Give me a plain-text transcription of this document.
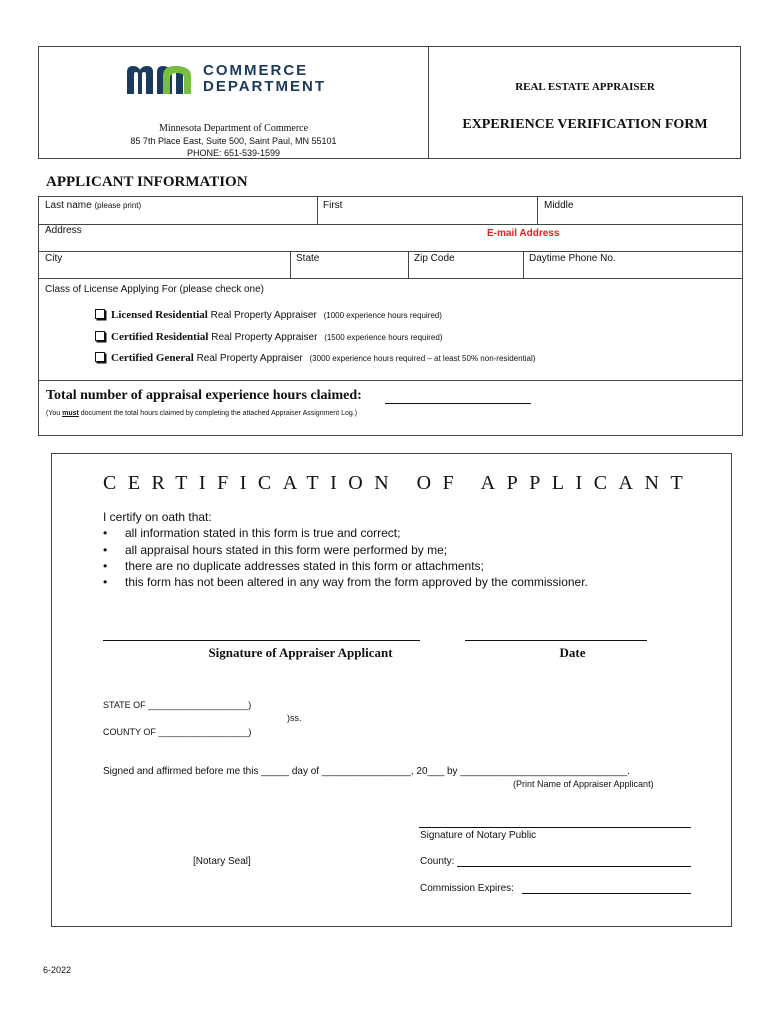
COMMERCE
DEPARTMENT
Minnesota Department of Commerce
85 7th Place East, Suite 500, Saint Paul, MN 55101
PHONE: 651-539-1599
REAL ESTATE APPRAISER
EXPERIENCE VERIFICATION FORM
APPLICANT INFORMATION
Last name (please print)	First	Middle
Address	E-mail Address
City	State	Zip Code	Daytime Phone No.
Class of License Applying For (please check one)
Licensed Residential Real Property Appraiser (1000 experience hours required)
Certified Residential Real Property Appraiser (1500 experience hours required)
Certified General Real Property Appraiser (3000 experience hours required – at least 50% non-residential)
Total number of appraisal experience hours claimed:
(You must document the total hours claimed by completing the attached Appraiser Assignment Log.)
CERTIFICATION OF APPLICANT
I certify on oath that:
• all information stated in this form is true and correct;
• all appraisal hours stated in this form were performed by me;
• there are no duplicate addresses stated in this form or attachments;
• this form has not been altered in any way from the form approved by the commissioner.
Signature of Appraiser Applicant	Date
STATE OF ____________________)
)ss.
COUNTY OF __________________)
Signed and affirmed before me this _____ day of ________________, 20___ by ______________________________.
(Print Name of Appraiser Applicant)
Signature of Notary Public
[Notary Seal]	County:
Commission Expires:
6-2022
